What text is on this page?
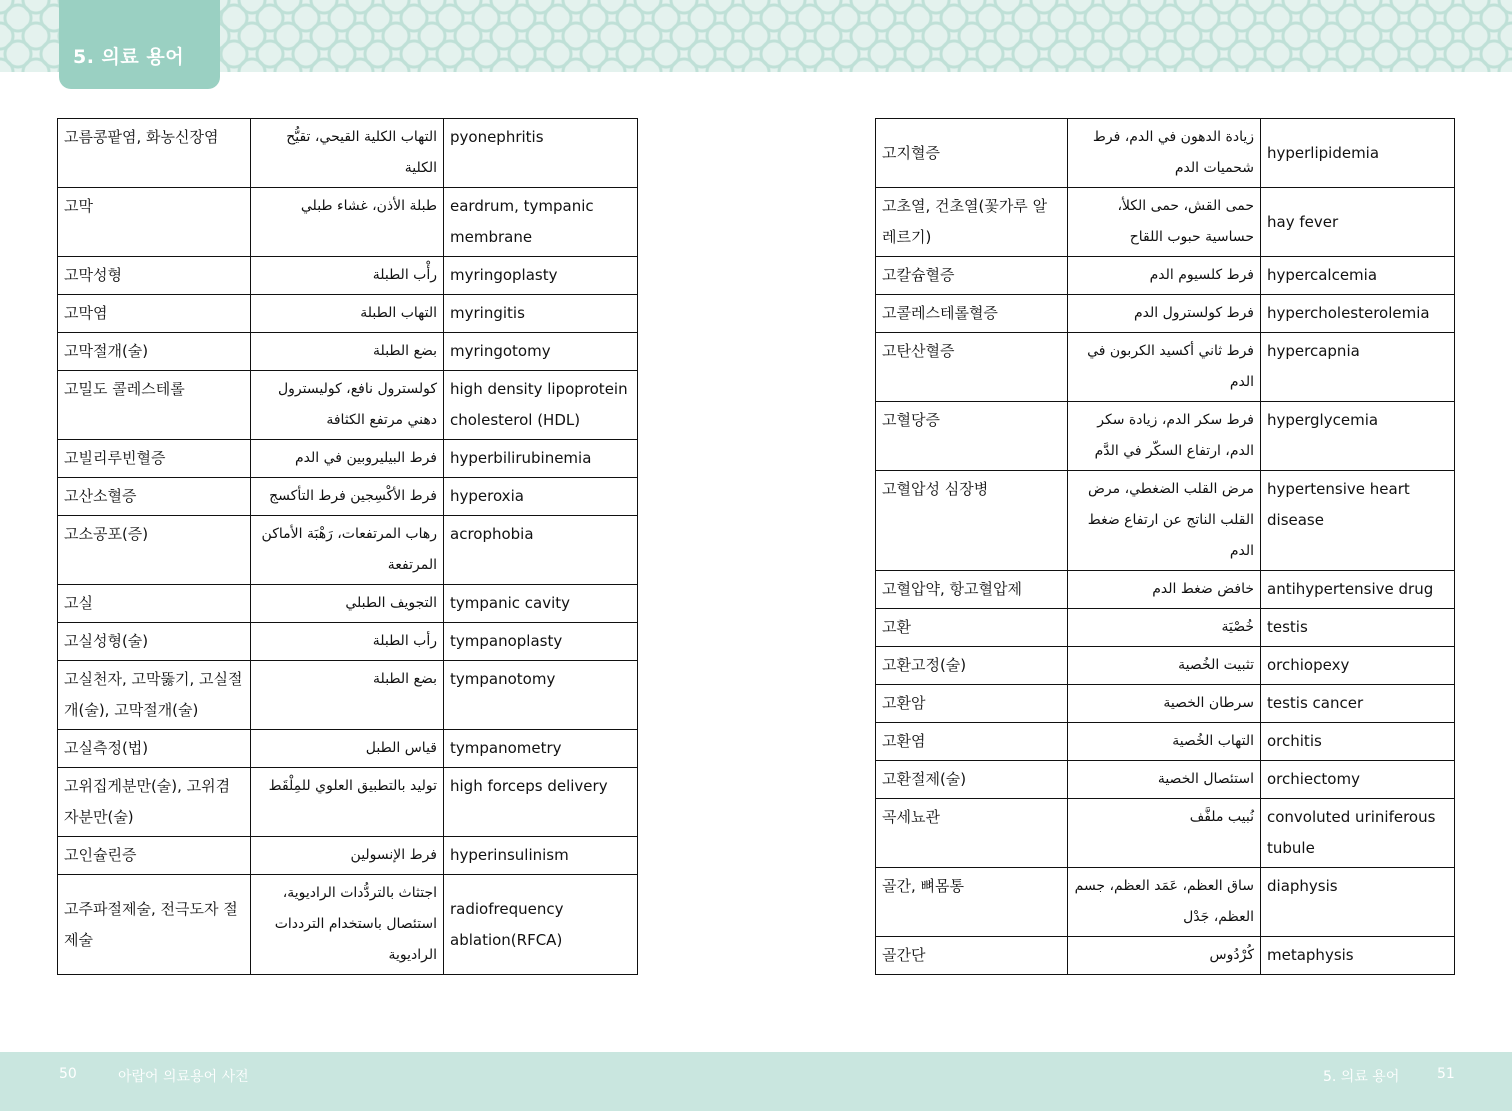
5. 의료 용어
고름콩팥염, 화농신장염	التهاب الكلية القيحي، تقيُّح الكلية	pyonephritis
고막	طبلة الأذن، غشاء طبلي	eardrum, tympanic membrane
고막성형	رأْب الطبلة	myringoplasty
고막염	التهاب الطبلة	myringitis
고막절개(술)	بضع الطبلة	myringotomy
고밀도 콜레스테롤	كولسترول نافع، كوليسترول دهني مرتفع الكثافة	high density lipoprotein cholesterol (HDL)
고빌리루빈혈증	فرط البيليروبين في الدم	hyperbilirubinemia
고산소혈증	فرط الأكْسِجين فرط التأكسج	hyperoxia
고소공포(증)	رهاب المرتفعات، رَهْبَة الأماكن المرتفعة	acrophobia
고실	التجويف الطبلي	tympanic cavity
고실성형(술)	رأب الطبلة	tympanoplasty
고실천자, 고막뚫기, 고실절개(술), 고막절개(술)	بضع الطبلة	tympanotomy
고실측정(법)	قياس الطبل	tympanometry
고위집게분만(술), 고위겸자분만(술)	توليد بالتطبيق العلوي للمِلْقَط	high forceps delivery
고인슐린증	فرط الإنسولين	hyperinsulinism
고주파절제술, 전극도자 절제술	اجتثاث بالتردُّدات الراديوية، استئصال باستخدام الترددات الراديوية	radiofrequency ablation(RFCA)
고지혈증	زيادة الدهون في الدم، فرط شحميات الدم	hyperlipidemia
고초열, 건초열(꽃가루 알레르기)	حمى القش، حمى الكلأ، حساسية حبوب اللقاح	hay fever
고칼슘혈증	فرط كلسيوم الدم	hypercalcemia
고콜레스테롤혈증	فرط كولسترول الدم	hypercholesterolemia
고탄산혈증	فرط ثاني أكسيد الكربون في الدم	hypercapnia
고혈당증	فرط سكر الدم، زيادة سكر الدم، ارتفاع السكّر في الدَّم	hyperglycemia
고혈압성 심장병	مرض القلب الضغطي، مرض القلب الناتج عن ارتفاع ضغط الدم	hypertensive heart disease
고혈압약, 항고혈압제	خافض ضغط الدم	antihypertensive drug
고환	خُصْيَة	testis
고환고정(술)	تثبيت الخُصية	orchiopexy
고환암	سرطان الخصية	testis cancer
고환염	التهاب الخُصية	orchitis
고환절제(술)	استئصال الخصية	orchiectomy
곡세뇨관	نُبيب ملفَّف	convoluted uriniferous tubule
골간, 뼈몸통	ساق العظم، عَمَد العظم، جسم العظم، جَدْل	diaphysis
골간단	كُرْدُوس	metaphysis
50	아랍어 의료용어 사전	5. 의료 용어	51
